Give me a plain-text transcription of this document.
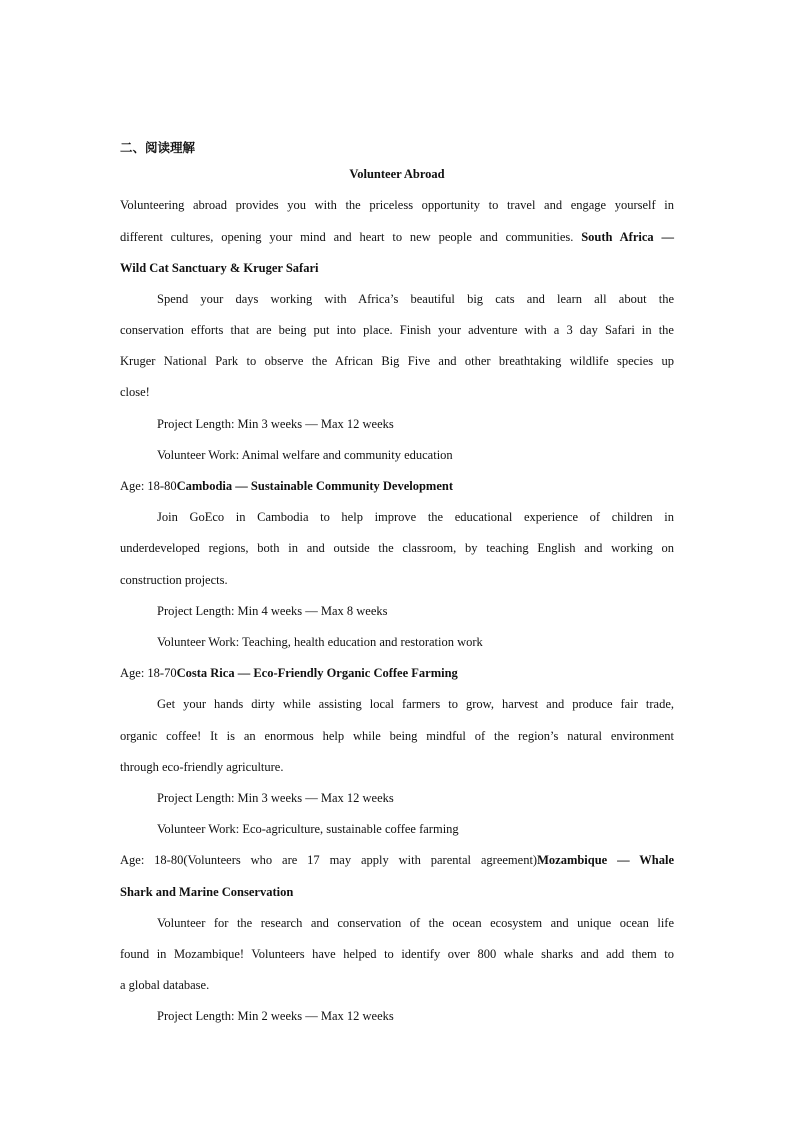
二、阅读理解
Volunteer Abroad
Volunteering abroad provides you with the priceless opportunity to travel and engage yourself in
different cultures, opening your mind and heart to new people and communities. South Africa —
Wild Cat Sanctuary & Kruger Safari
Spend your days working with Africa’s beautiful big cats and learn all about the
conservation efforts that are being put into place. Finish your adventure with a 3 day Safari in the
Kruger National Park to observe the African Big Five and other breathtaking wildlife species up
close!
Project Length: Min 3 weeks — Max 12 weeks
Volunteer Work: Animal welfare and community education
Age: 18-80Cambodia — Sustainable Community Development
Join GoEco in Cambodia to help improve the educational experience of children in
underdeveloped regions, both in and outside the classroom, by teaching English and working on
construction projects.
Project Length: Min 4 weeks — Max 8 weeks
Volunteer Work: Teaching, health education and restoration work
Age: 18-70Costa Rica — Eco-Friendly Organic Coffee Farming
Get your hands dirty while assisting local farmers to grow, harvest and produce fair trade,
organic coffee! It is an enormous help while being mindful of the region’s natural environment
through eco-friendly agriculture.
Project Length: Min 3 weeks — Max 12 weeks
Volunteer Work: Eco-agriculture, sustainable coffee farming
Age: 18-80(Volunteers who are 17 may apply with parental agreement)Mozambique — Whale
Shark and Marine Conservation
Volunteer for the research and conservation of the ocean ecosystem and unique ocean life
found in Mozambique! Volunteers have helped to identify over 800 whale sharks and add them to
a global database.
Project Length: Min 2 weeks — Max 12 weeks
